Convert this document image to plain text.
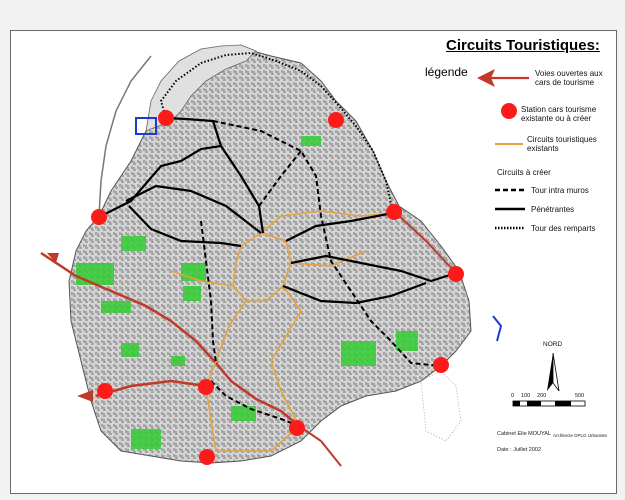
Circuits Touristiques:
légende	Voies ouvertes aux cars de tourisme
Station cars tourisme existante ou à créer
Circuits touristiques existants
Circuits à créer
Tour intra muros
Pénétrantes
Tour des remparts
NORD
0 100 200	500
Cabinet Elie MOUYAL Architecte DPLG Urbaniste
Date : Juillet 2002
